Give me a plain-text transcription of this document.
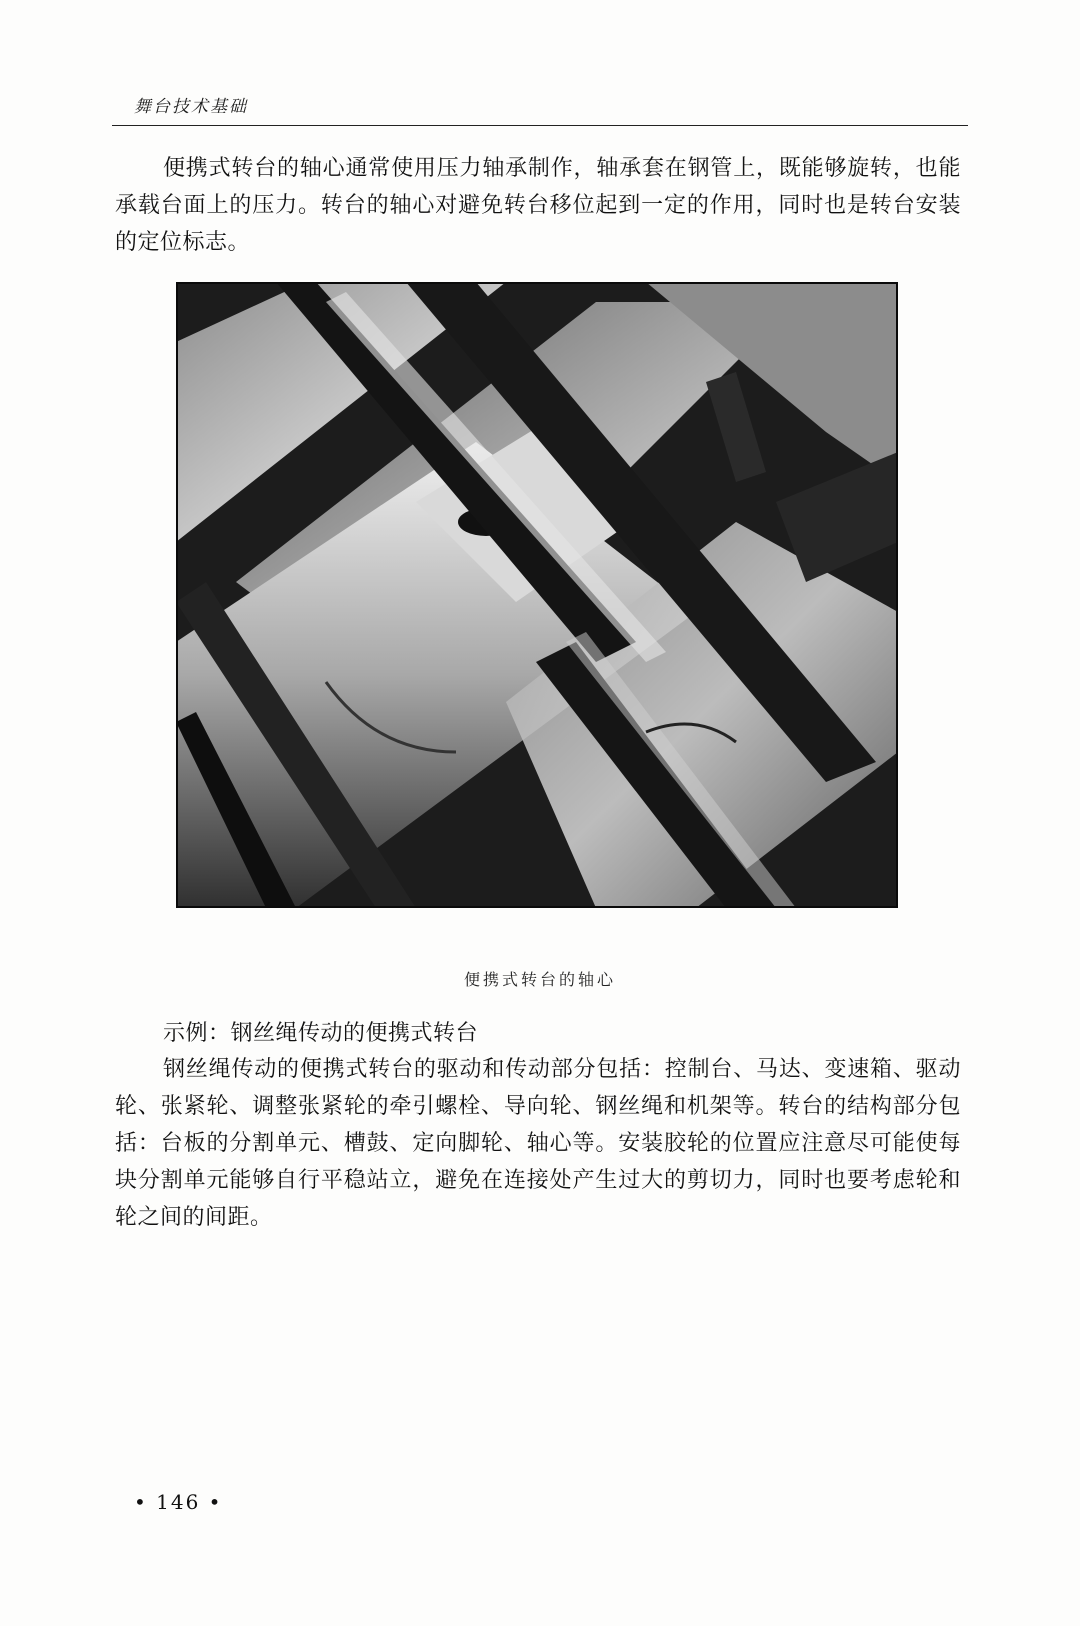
舞台技术基础

便携式转台的轴心通常使用压力轴承制作，轴承套在钢管上，既能够旋转，也能承载台面上的压力。转台的轴心对避免转台移位起到一定的作用，同时也是转台安装的定位标志。

便携式转台的轴心
示例：钢丝绳传动的便携式转台

钢丝绳传动的便携式转台的驱动和传动部分包括：控制台、马达、变速箱、驱动轮、张紧轮、调整张紧轮的牵引螺栓、导向轮、钢丝绳和机架等。转台的结构部分包括：台板的分割单元、槽鼓、定向脚轮、轴心等。安装胶轮的位置应注意尽可能使每块分割单元能够自行平稳站立，避免在连接处产生过大的剪切力，同时也要考虑轮和轮之间的间距。

• 146 •
